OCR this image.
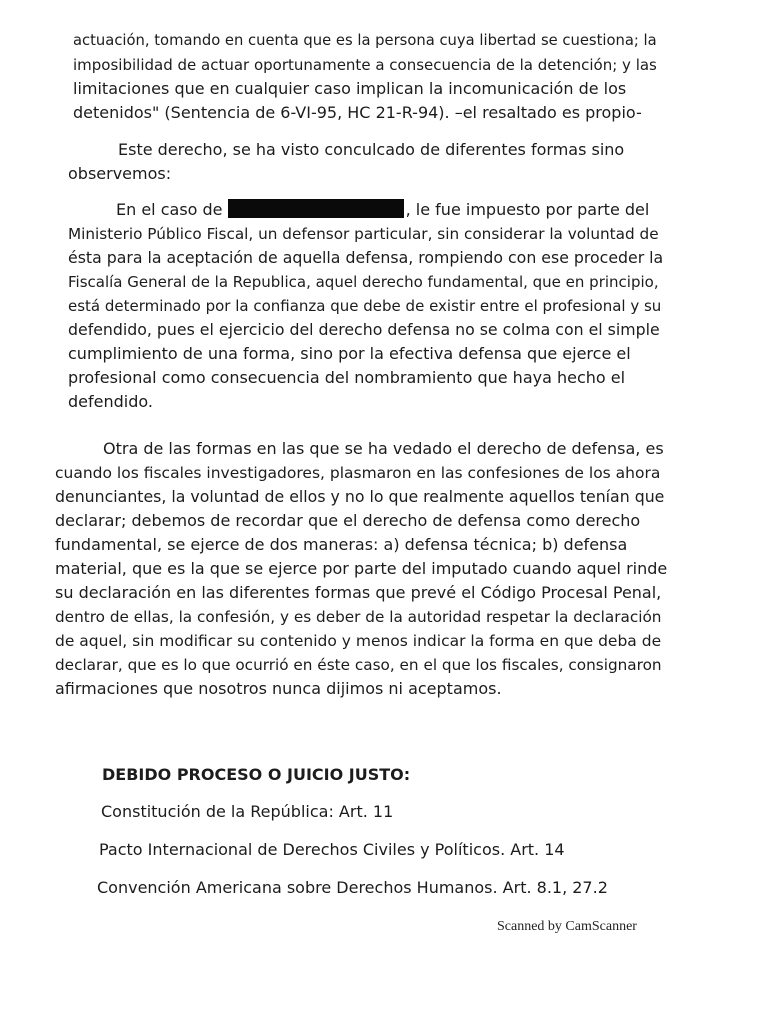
actuación, tomando en cuenta que es la persona cuya libertad se cuestiona; la
imposibilidad de actuar oportunamente a consecuencia de la detención; y las
limitaciones que en cualquier caso implican la incomunicación de los
detenidos" (Sentencia de 6-VI-95, HC 21-R-94). –el resaltado es propio-
Este derecho, se ha visto conculcado de diferentes formas sino
observemos:
En el caso de	, le fue impuesto por parte del
Ministerio Público Fiscal, un defensor particular, sin considerar la voluntad de
ésta para la aceptación de aquella defensa, rompiendo con ese proceder la
Fiscalía General de la Republica, aquel derecho fundamental, que en principio,
está determinado por la confianza que debe de existir entre el profesional y su
defendido, pues el ejercicio del derecho defensa no se colma con el simple
cumplimiento de una forma, sino por la efectiva defensa que ejerce el
profesional como consecuencia del nombramiento que haya hecho el
defendido.
Otra de las formas en las que se ha vedado el derecho de defensa, es
cuando los fiscales investigadores, plasmaron en las confesiones de los ahora
denunciantes, la voluntad de ellos y no lo que realmente aquellos tenían que
declarar; debemos de recordar que el derecho de defensa como derecho
fundamental, se ejerce de dos maneras: a) defensa técnica; b) defensa
material, que es la que se ejerce por parte del imputado cuando aquel rinde
su declaración en las diferentes formas que prevé el Código Procesal Penal,
dentro de ellas, la confesión, y es deber de la autoridad respetar la declaración
de aquel, sin modificar su contenido y menos indicar la forma en que deba de
declarar, que es lo que ocurrió en éste caso, en el que los fiscales, consignaron
afirmaciones que nosotros nunca dijimos ni aceptamos.
DEBIDO PROCESO O JUICIO JUSTO:
Constitución de la República: Art. 11
Pacto Internacional de Derechos Civiles y Políticos. Art. 14
Convención Americana sobre Derechos Humanos. Art. 8.1, 27.2
Scanned by CamScanner
